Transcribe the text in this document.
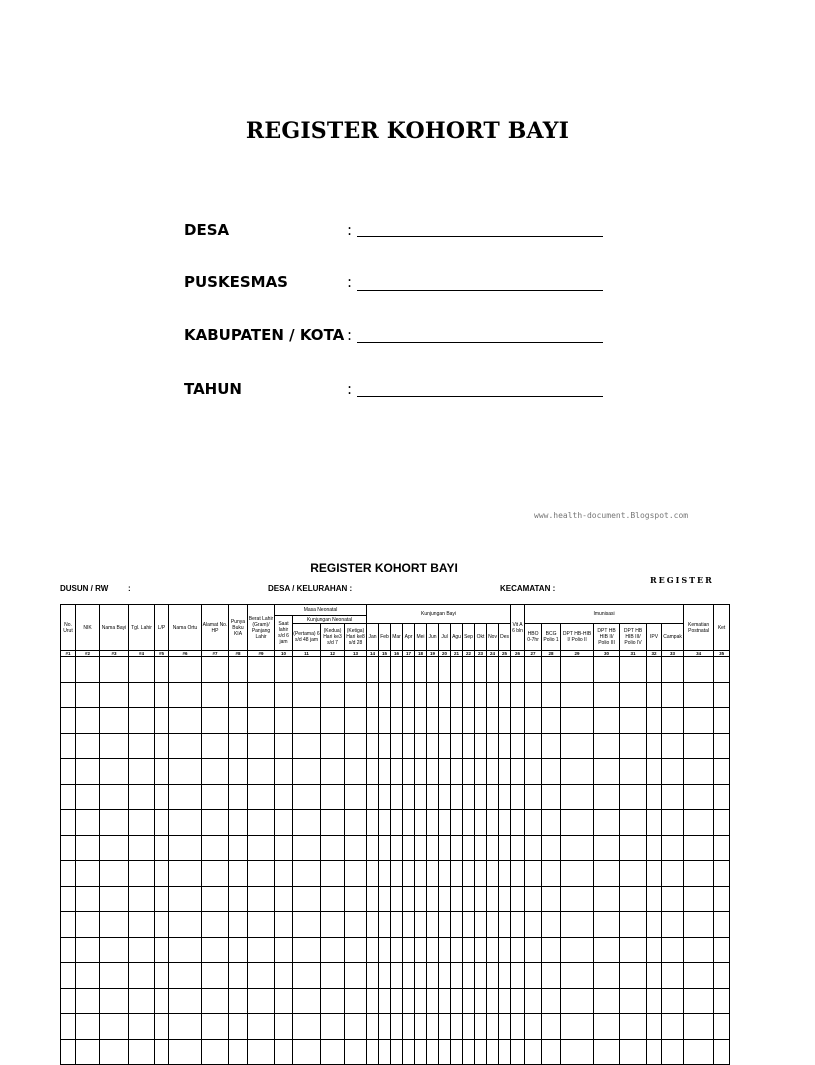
REGISTER KOHORT BAYI
DESA	:
PUSKESMAS	:
KABUPATEN / KOTA :
TAHUN	:
www.health-document.Blogspot.com
REGISTER KOHORT BAYI
REGISTER
DUSUN / RW :	DESA / KELURAHAN :	KECAMATAN :
No. Urut	NIK	Nama Bayi	Tgl. Lahir	L/P	Nama Ortu	Alamat No. HP	Punya Buku KIA	Berat Lahir (Gram)/ Panjang Lahir	Masa Neonatal				Kunjungan Bayi												Vit A 6 bln	Imunisasi							Kematian Postnatal	Ket
									Saat lahir s/d 6 jam	Kunjungan Neonatal																								
										(Pertama) 6 s/d 48 jam	(Kedua) Hari ke3 s/d 7	(Ketiga) Hari ke8 s/d 28	Jan	Feb	Mar	Apr	Mei	Jun	Jul	Agu	Sep	Okt	Nov	Des		HBO 0-7hr	BCG Polio 1	DPT HB-HIB I/ Polio II	DPT HB HIB II/ Polio III	DPT HB HIB III/ Polio IV	IPV	Campak		
#1	#2	#3	#4	#5	#6	#7	#8	#9	10	11	12	13	14	15	16	17	18	19	20	21	22	23	24	25	26	27	28	29	30	31	32	33	34	35
